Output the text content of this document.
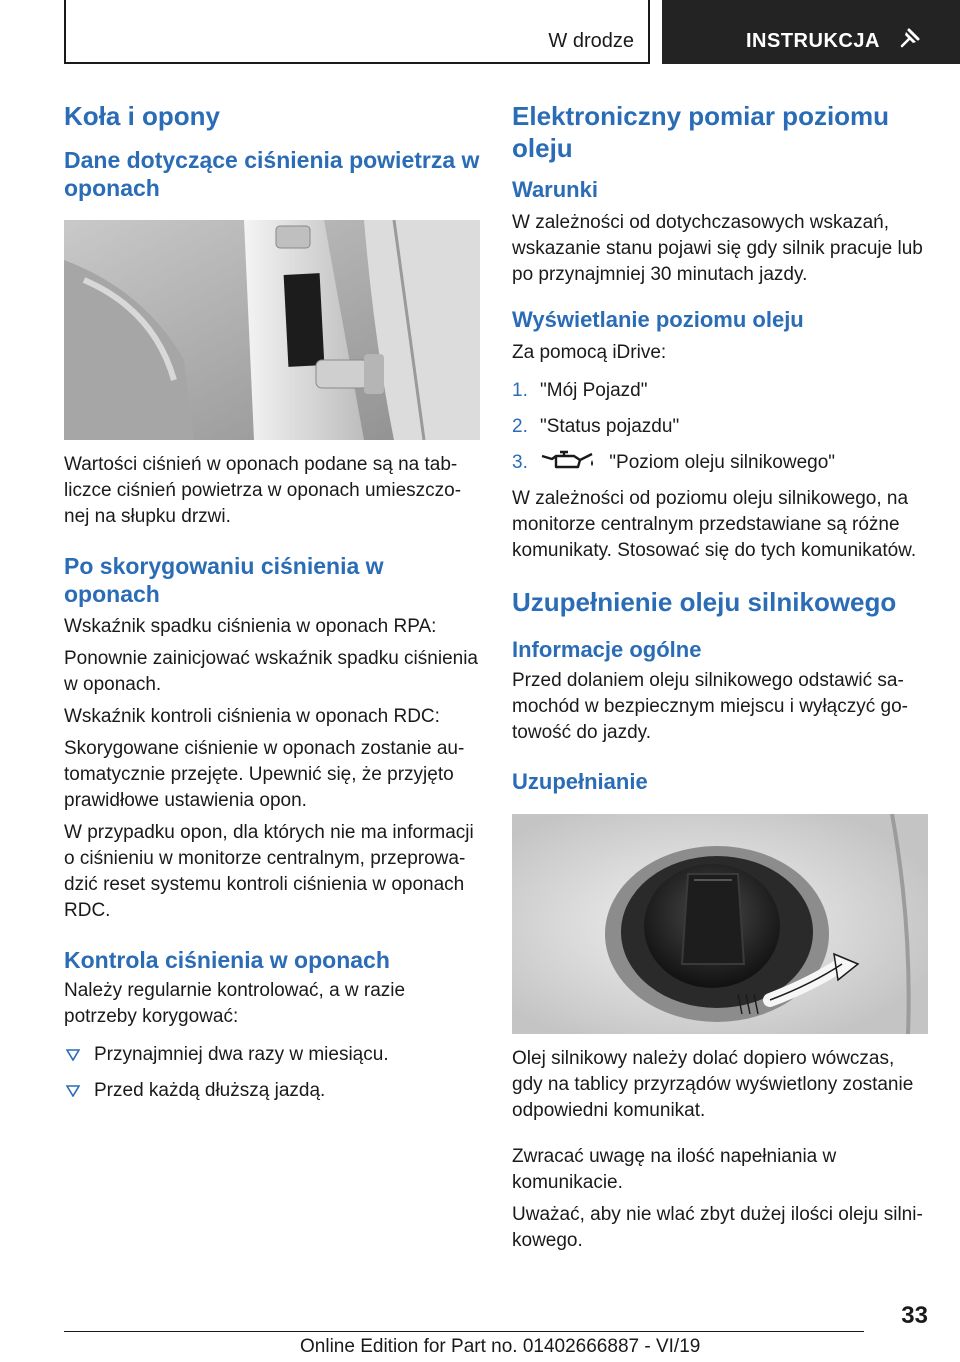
W drodze	INSTRUKCJA
Koła i opony
Dane dotyczące ciśnienia powietrza w oponach
Wartości ciśnień w oponach podane są na tabliczce ciśnień powietrza w oponach umieszczonej na słupku drzwi.
Po skorygowaniu ciśnienia w oponach
Wskaźnik spadku ciśnienia w oponach RPA:
Ponownie zainicjować wskaźnik spadku ciśnienia w oponach.
Wskaźnik kontroli ciśnienia w oponach RDC:
Skorygowane ciśnienie w oponach zostanie automatycznie przejęte. Upewnić się, że przyjęto prawidłowe ustawienia opon.
W przypadku opon, dla których nie ma informacji o ciśnieniu w monitorze centralnym, przeprowadzić reset systemu kontroli ciśnienia w oponach RDC.
Kontrola ciśnienia w oponach
Należy regularnie kontrolować, a w razie potrzeby korygować:
Przynajmniej dwa razy w miesiącu.
Przed każdą dłuższą jazdą.
Elektroniczny pomiar poziomu oleju
Warunki
W zależności od dotychczasowych wskazań, wskazanie stanu pojawi się gdy silnik pracuje lub po przynajmniej 30 minutach jazdy.
Wyświetlanie poziomu oleju
Za pomocą iDrive:
1. "Mój Pojazd"
2. "Status pojazdu"
3.	"Poziom oleju silnikowego"
W zależności od poziomu oleju silnikowego, na monitorze centralnym przedstawiane są różne komunikaty. Stosować się do tych komunikatów.
Uzupełnienie oleju silnikowego
Informacje ogólne
Przed dolaniem oleju silnikowego odstawić samochód w bezpiecznym miejscu i wyłączyć gotowość do jazdy.
Uzupełnianie
Olej silnikowy należy dolać dopiero wówczas, gdy na tablicy przyrządów wyświetlony zostanie odpowiedni komunikat.
Zwracać uwagę na ilość napełniania w komunikacie.
Uważać, aby nie wlać zbyt dużej ilości oleju silnikowego.
33
Online Edition for Part no. 01402666887 - VI/19
